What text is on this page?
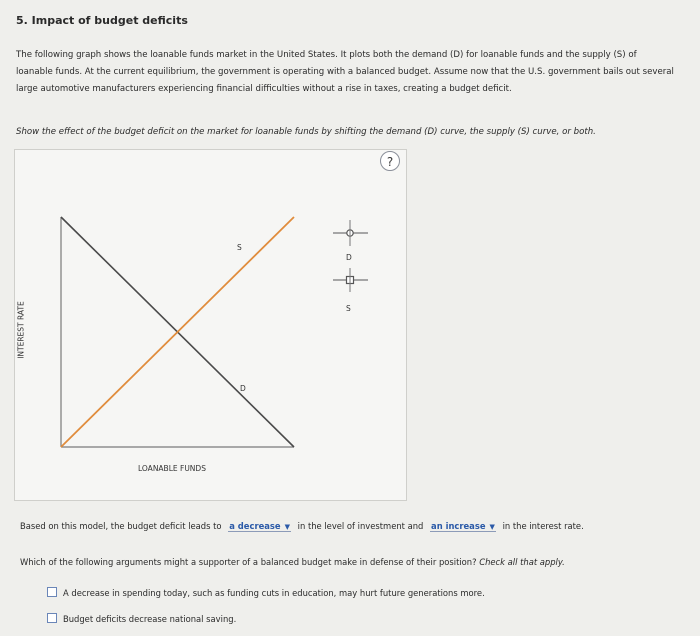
5. Impact of budget deficits
The following graph shows the loanable funds market in the United States. It plots both the demand (D) for loanable funds and the supply (S) of loanable funds. At the current equilibrium, the government is operating with a balanced budget. Assume now that the U.S. government bails out several large automotive manufacturers experiencing financial difficulties without a rise in taxes, creating a budget deficit.
Show the effect of the budget deficit on the market for loanable funds by shifting the demand (D) curve, the supply (S) curve, or both.
?
INTEREST RATE
LOANABLE FUNDS
S
D
D
S
Based on this model, the budget deficit leads to a decrease ▼ in the level of investment and an increase ▼ in the interest rate.
Which of the following arguments might a supporter of a balanced budget make in defense of their position? Check all that apply.
A decrease in spending today, such as funding cuts in education, may hurt future generations more.
Budget deficits decrease national saving.
